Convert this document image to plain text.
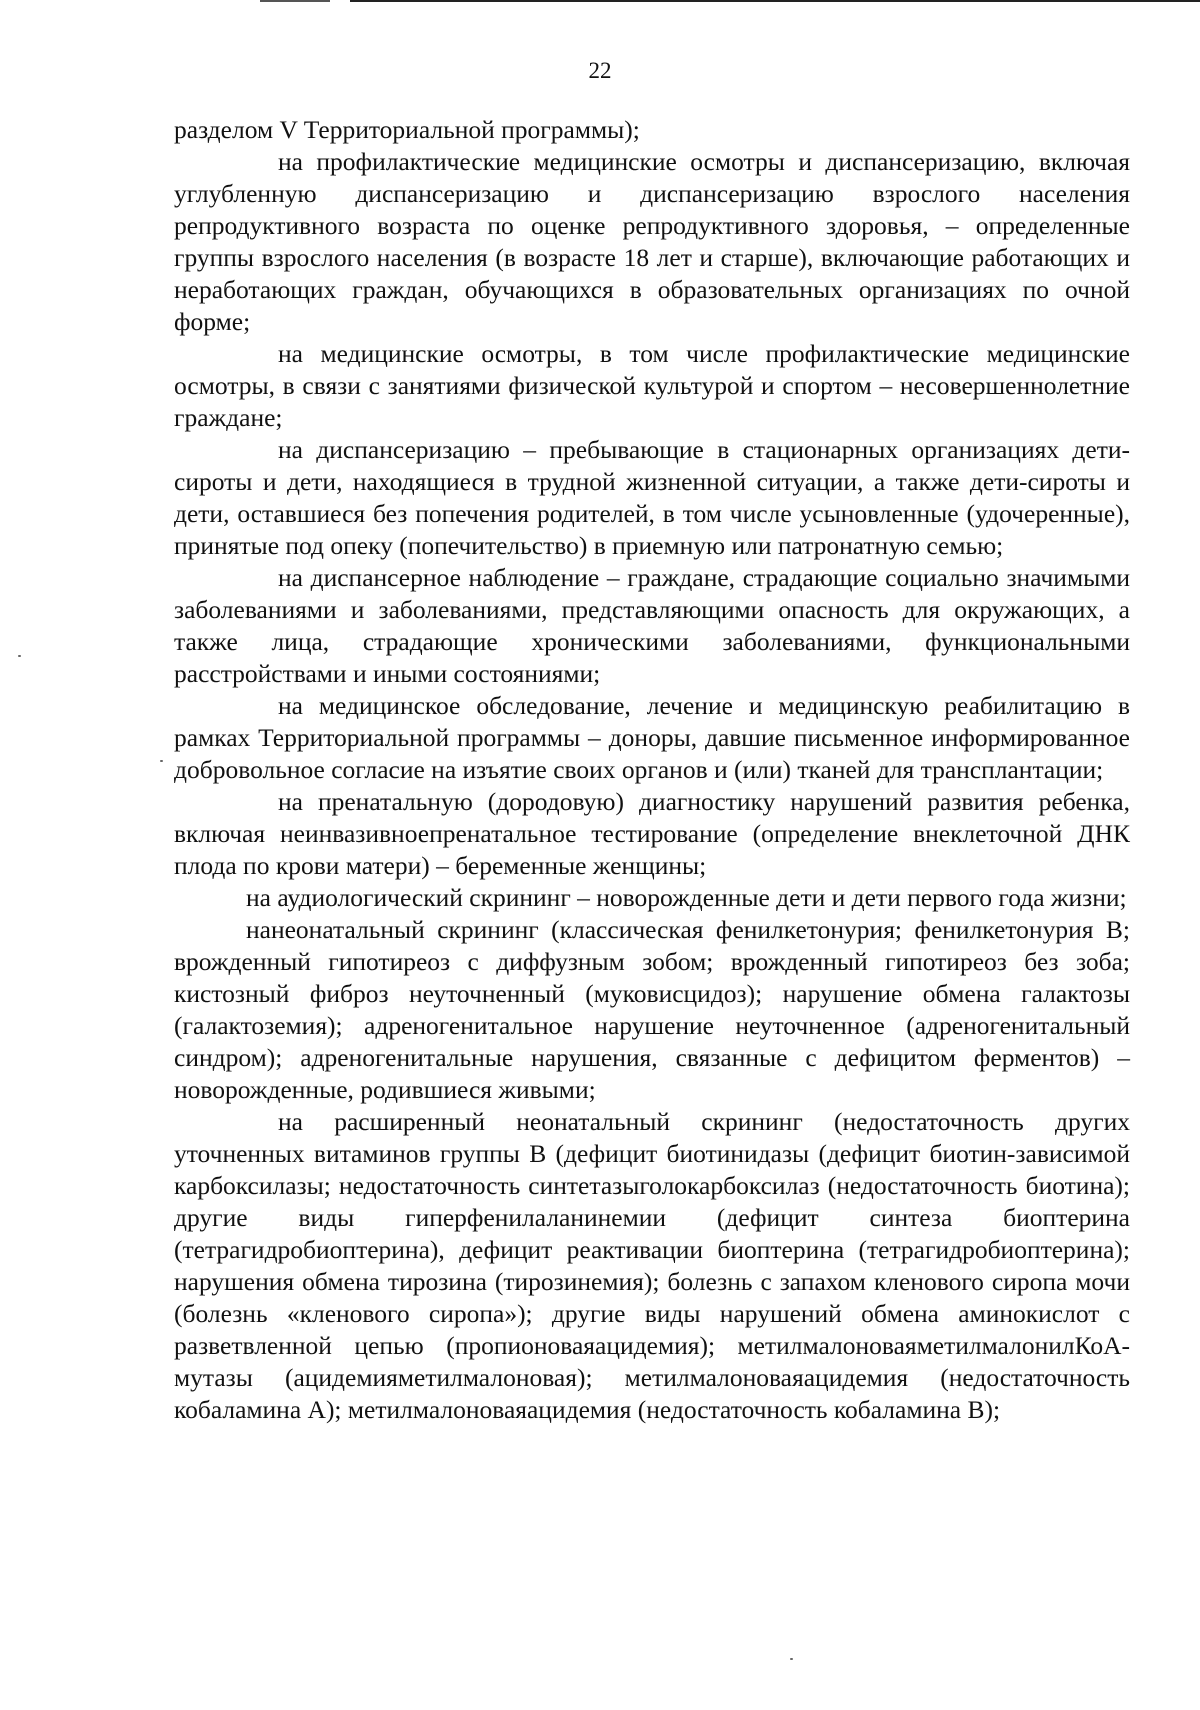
22

разделом V Территориальной программы);

на профилактические медицинские осмотры и диспансеризацию, включая углубленную диспансеризацию и диспансеризацию взрослого населения репродуктивного возраста по оценке репродуктивного здоровья, – определенные группы взрослого населения (в возрасте 18 лет и старше), включающие работающих и неработающих граждан, обучающихся в образовательных организациях по очной форме;

на медицинские осмотры, в том числе профилактические медицинские осмотры, в связи с занятиями физической культурой и спортом – несовершеннолетние граждане;

на диспансеризацию – пребывающие в стационарных организациях дети-сироты и дети, находящиеся в трудной жизненной ситуации, а также дети-сироты и дети, оставшиеся без попечения родителей, в том числе усыновленные (удочеренные), принятые под опеку (попечительство) в приемную или патронатную семью;

на диспансерное наблюдение – граждане, страдающие социально значимыми заболеваниями и заболеваниями, представляющими опасность для окружающих, а также лица, страдающие хроническими заболеваниями, функциональными расстройствами и иными состояниями;

на медицинское обследование, лечение и медицинскую реабилитацию в рамках Территориальной программы – доноры, давшие письменное информированное добровольное согласие на изъятие своих органов и (или) тканей для трансплантации;

на пренатальную (дородовую) диагностику нарушений развития ребенка, включая неинвазивноепренатальное тестирование (определение внеклеточной ДНК плода по крови матери) – беременные женщины;

на аудиологический скрининг – новорожденные дети и дети первого года жизни;

нанеонатальный скрининг (классическая фенилкетонурия; фенилкетонурия В; врожденный гипотиреоз с диффузным зобом; врожденный гипотиреоз без зоба; кистозный фиброз неуточненный (муковисцидоз); нарушение обмена галактозы (галактоземия); адреногенитальное нарушение неуточненное (адреногенитальный синдром); адреногенитальные нарушения, связанные с дефицитом ферментов) – новорожденные, родившиеся живыми;

на расширенный неонатальный скрининг (недостаточность других уточненных витаминов группы В (дефицит биотинидазы (дефицит биотин-зависимой карбоксилазы; недостаточность синтетазыголокарбоксилаз (недостаточность биотина); другие виды гиперфенилаланинемии (дефицит синтеза биоптерина (тетрагидробиоптерина), дефицит реактивации биоптерина (тетрагидробиоптерина); нарушения обмена тирозина (тирозинемия); болезнь с запахом кленового сиропа мочи (болезнь «кленового сиропа»); другие виды нарушений обмена аминокислот с разветвленной цепью (пропионоваяацидемия); метилмалоноваяметилмалонилКоА-мутазы (ацидемияметилмалоновая); метилмалоноваяацидемия (недостаточность кобаламина А); метилмалоноваяацидемия (недостаточность кобаламина В);
